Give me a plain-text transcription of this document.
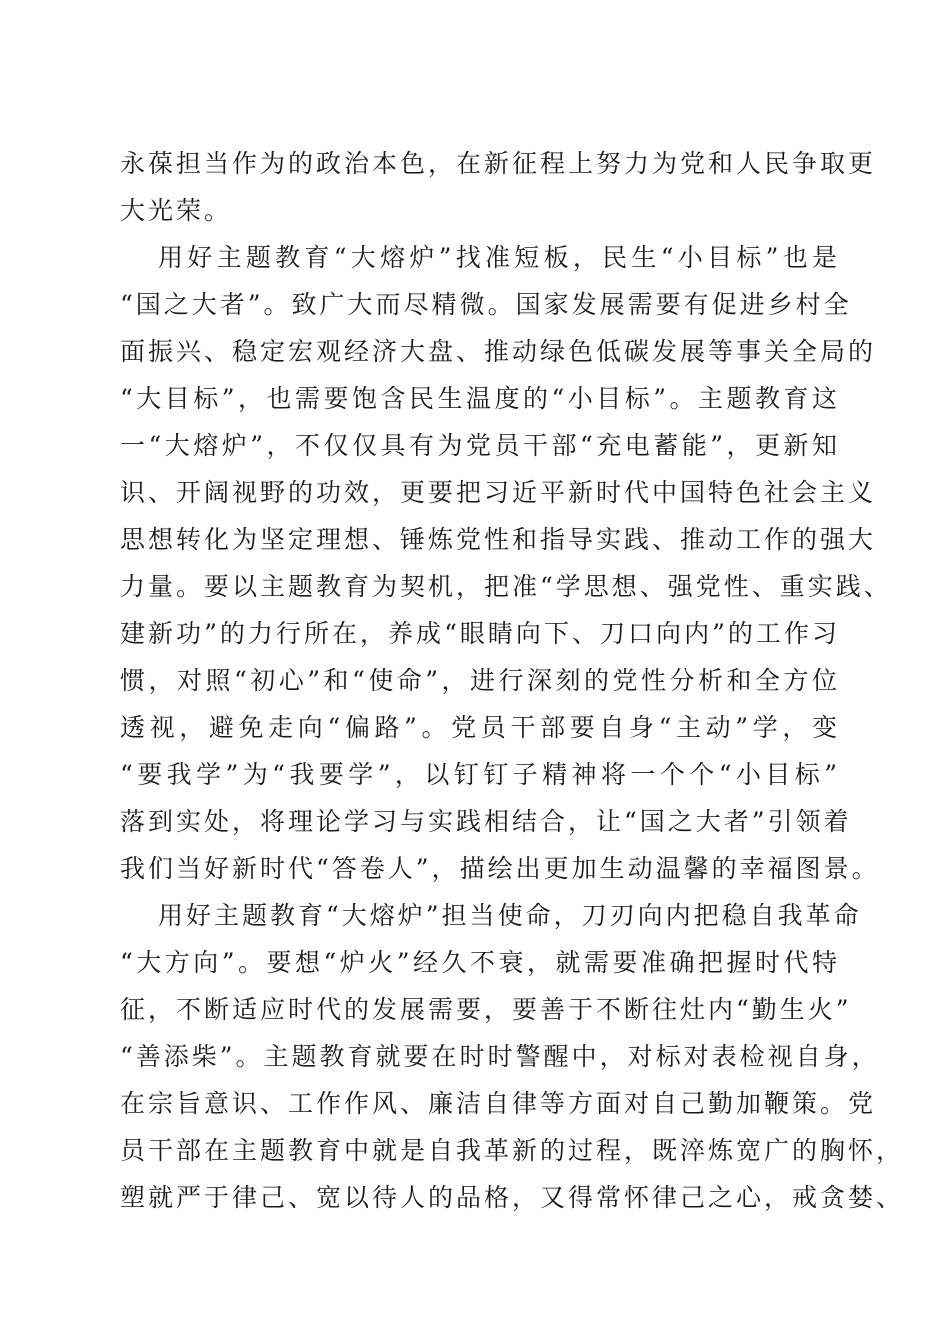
永葆担当作为的政治本色，在新征程上努力为党和人民争取更
大光荣。
用好主题教育“大熔炉”找准短板，民生“小目标”也是
“国之大者”。致广大而尽精微。国家发展需要有促进乡村全
面振兴、稳定宏观经济大盘、推动绿色低碳发展等事关全局的
“大目标”，也需要饱含民生温度的“小目标”。主题教育这
一“大熔炉”，不仅仅具有为党员干部“充电蓄能”，更新知
识、开阔视野的功效，更要把习近平新时代中国特色社会主义
思想转化为坚定理想、锤炼党性和指导实践、推动工作的强大
力量。要以主题教育为契机，把准“学思想、强党性、重实践、
建新功”的力行所在，养成“眼睛向下、刀口向内”的工作习
惯，对照“初心”和“使命”，进行深刻的党性分析和全方位
透视，避免走向“偏路”。党员干部要自身“主动”学，变
“要我学”为“我要学”，以钉钉子精神将一个个“小目标”
落到实处，将理论学习与实践相结合，让“国之大者”引领着
我们当好新时代“答卷人”，描绘出更加生动温馨的幸福图景。
用好主题教育“大熔炉”担当使命，刀刃向内把稳自我革命
“大方向”。要想“炉火”经久不衰，就需要准确把握时代特
征，不断适应时代的发展需要，要善于不断往灶内“勤生火”
“善添柴”。主题教育就要在时时警醒中，对标对表检视自身，
在宗旨意识、工作作风、廉洁自律等方面对自己勤加鞭策。党
员干部在主题教育中就是自我革新的过程，既淬炼宽广的胸怀，
塑就严于律己、宽以待人的品格，又得常怀律己之心，戒贪婪、
